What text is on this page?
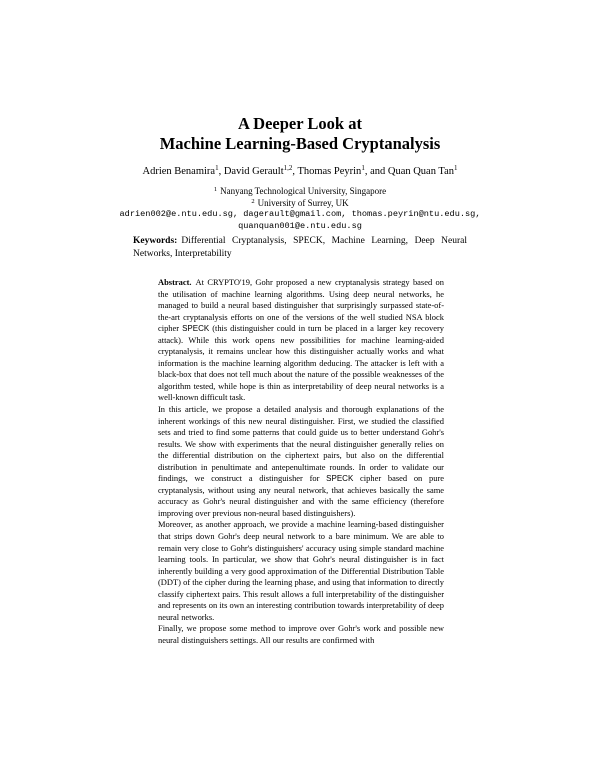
A Deeper Look at
Machine Learning-Based Cryptanalysis
Adrien Benamira$^1$, David Gerault$^{1,2}$, Thomas Peyrin$^1$, and Quan Quan Tan$^1$
$^1$ Nanyang Technological University, Singapore
$^2$ University of Surrey, UK
adrien002@e.ntu.edu.sg, dagerault@gmail.com, thomas.peyrin@ntu.edu.sg,
quanquan001@e.ntu.edu.sg
Keywords: Differential Cryptanalysis, SPECK, Machine Learning, Deep Neural Networks, Interpretability

Abstract. At CRYPTO'19, Gohr proposed a new cryptanalysis strategy based on the utilisation of machine learning algorithms. Using deep neural networks, he managed to build a neural based distinguisher that surprisingly surpassed state-of-the-art cryptanalysis efforts on one of the versions of the well studied NSA block cipher SPECK (this distinguisher could in turn be placed in a larger key recovery attack). While this work opens new possibilities for machine learning-aided cryptanalysis, it remains unclear how this distinguisher actually works and what information is the machine learning algorithm deducing. The attacker is left with a black-box that does not tell much about the nature of the possible weaknesses of the algorithm tested, while hope is thin as interpretability of deep neural networks is a well-known difficult task.

In this article, we propose a detailed analysis and thorough explanations of the inherent workings of this new neural distinguisher. First, we studied the classified sets and tried to find some patterns that could guide us to better understand Gohr's results. We show with experiments that the neural distinguisher generally relies on the differential distribution on the ciphertext pairs, but also on the differential distribution in penultimate and antepenultimate rounds. In order to validate our findings, we construct a distinguisher for SPECK cipher based on pure cryptanalysis, without using any neural network, that achieves basically the same accuracy as Gohr's neural distinguisher and with the same efficiency (therefore improving over previous non-neural based distinguishers).

Moreover, as another approach, we provide a machine learning-based distinguisher that strips down Gohr's deep neural network to a bare minimum. We are able to remain very close to Gohr's distinguishers' accuracy using simple standard machine learning tools. In particular, we show that Gohr's neural distinguisher is in fact inherently building a very good approximation of the Differential Distribution Table (DDT) of the cipher during the learning phase, and using that information to directly classify ciphertext pairs. This result allows a full interpretability of the distinguisher and represents on its own an interesting contribution towards interpretability of deep neural networks.

Finally, we propose some method to improve over Gohr's work and possible new neural distinguishers settings. All our results are confirmed with
